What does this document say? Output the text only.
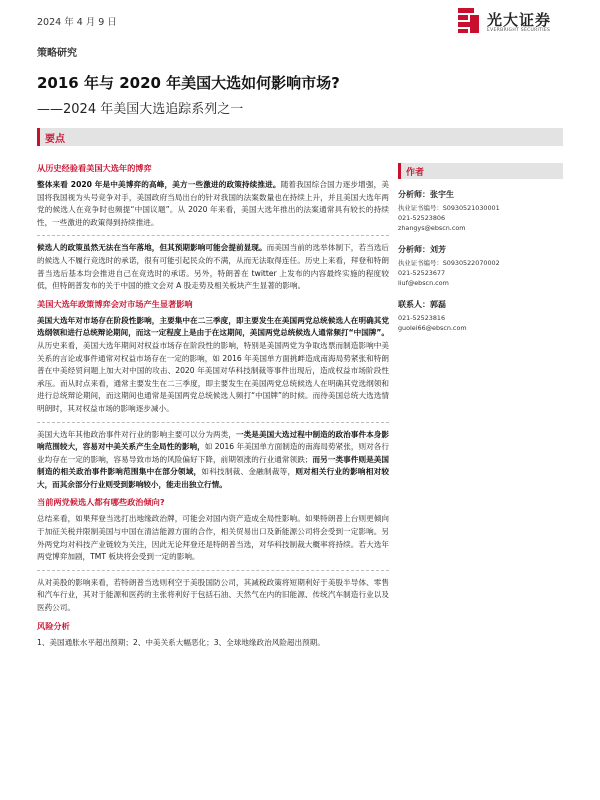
2024 年 4 月 9 日	光大证券
EVERBRIGHT SECURITIES
策略研究
2016 年与 2020 年美国大选如何影响市场?
——2024 年美国大选追踪系列之一
要点
从历史经验看美国大选年的博弈

整体来看 2020 年是中美博弈的高峰，美方一些激进的政策持续推进。随着我国综合国力逐步增强，美国将我国视为头号竞争对手，美国政府当局出台的针对我国的法案数量也在持续上升，并且美国大选年两党的候选人在竞争时也频提“中国议题”。从 2020 年来看，美国大选年推出的法案通常具有较长的持续性，一些激进的政策得到持续推进。

候选人的政策虽然无法在当年落地，但其预期影响可能会提前显现。而美国当前的选举体制下，若当选后的候选人不履行竞选时的承诺，很有可能引起民众的不满，从而无法取得连任。历史上来看，拜登和特朗普当选后基本均会推进自己在竞选时的承诺。另外，特朗普在 twitter 上发布的内容最终实施的程度较低，但特朗普发布的关于中国的推文会对 A 股走势及相关板块产生显著的影响。

美国大选年政策博弈会对市场产生显著影响

美国大选年对市场存在阶段性影响，主要集中在二三季度，即主要发生在美国两党总统候选人在明确其党选纲领和进行总统辩论期间，而这一定程度上是由于在这期间，美国两党总统候选人通常频打“中国牌”。从历史来看，美国大选年期间对权益市场存在阶段性的影响，特别是美国两党为争取选票而制造影响中美关系的言论或事件通常对权益市场存在一定的影响，如 2016 年美国单方面挑衅造成南海局势紧张和特朗普在中美经贸问题上加大对中国的攻击、2020 年美国对华科技制裁等事件出现后，造成权益市场阶段性承压。而从时点来看，通常主要发生在二三季度，即主要发生在美国两党总统候选人在明确其党选纲领和进行总统辩论期间，而这期间也通常是美国两党总统候选人频打“中国牌”的时候。而待美国总统大选选情明朗时，其对权益市场的影响逐步减小。

美国大选年其他政治事件对行业的影响主要可以分为两类，一类是美国大选过程中制造的政治事件本身影响范围较大，容易对中美关系产生全局性的影响，如 2016 年美国单方面制造的南海局势紧张，则对各行业均存在一定的影响，容易导致市场的风险偏好下降，前期领涨的行业通常领跌；而另一类事件则是美国制造的相关政治事件影响范围集中在部分领域，如科技制裁、金融制裁等，则对相关行业的影响相对较大，而其余部分行业则受到影响较小，能走出独立行情。

当前两党候选人都有哪些政治倾向?

总结来看，如果拜登当选打出地缘政治牌，可能会对国内资产造成全局性影响。如果特朗普上台则更倾向于加征关税并限制美国与中国在清洁能源方面的合作，相关贸易出口及新能源公司将会受到一定影响。另外两党均对科技产业链较为关注，因此无论拜登还是特朗普当选，对华科技制裁大概率将持续。若大选年两党博弈加剧，TMT 板块将会受到一定的影响。

从对美股的影响来看，若特朗普当选则利空于美股国防公司，其减税政策将短期利好于美股半导体、零售和汽车行业，其对于能源和医药的主张将利好于包括石油、天然气在内的旧能源、传统汽车制造行业以及医药公司。

风险分析

1、美国通胀水平超出预期；2、中美关系大幅恶化；3、全球地缘政治风险超出预期。

作者
分析师：张宇生
执业证书编号：S0930521030001
021-52523806
zhangys@ebscn.com
分析师：刘芳
执业证书编号：S0930522070002
021-52523677
liuf@ebscn.com
联系人：郭磊
021-52523816
guolei66@ebscn.com
